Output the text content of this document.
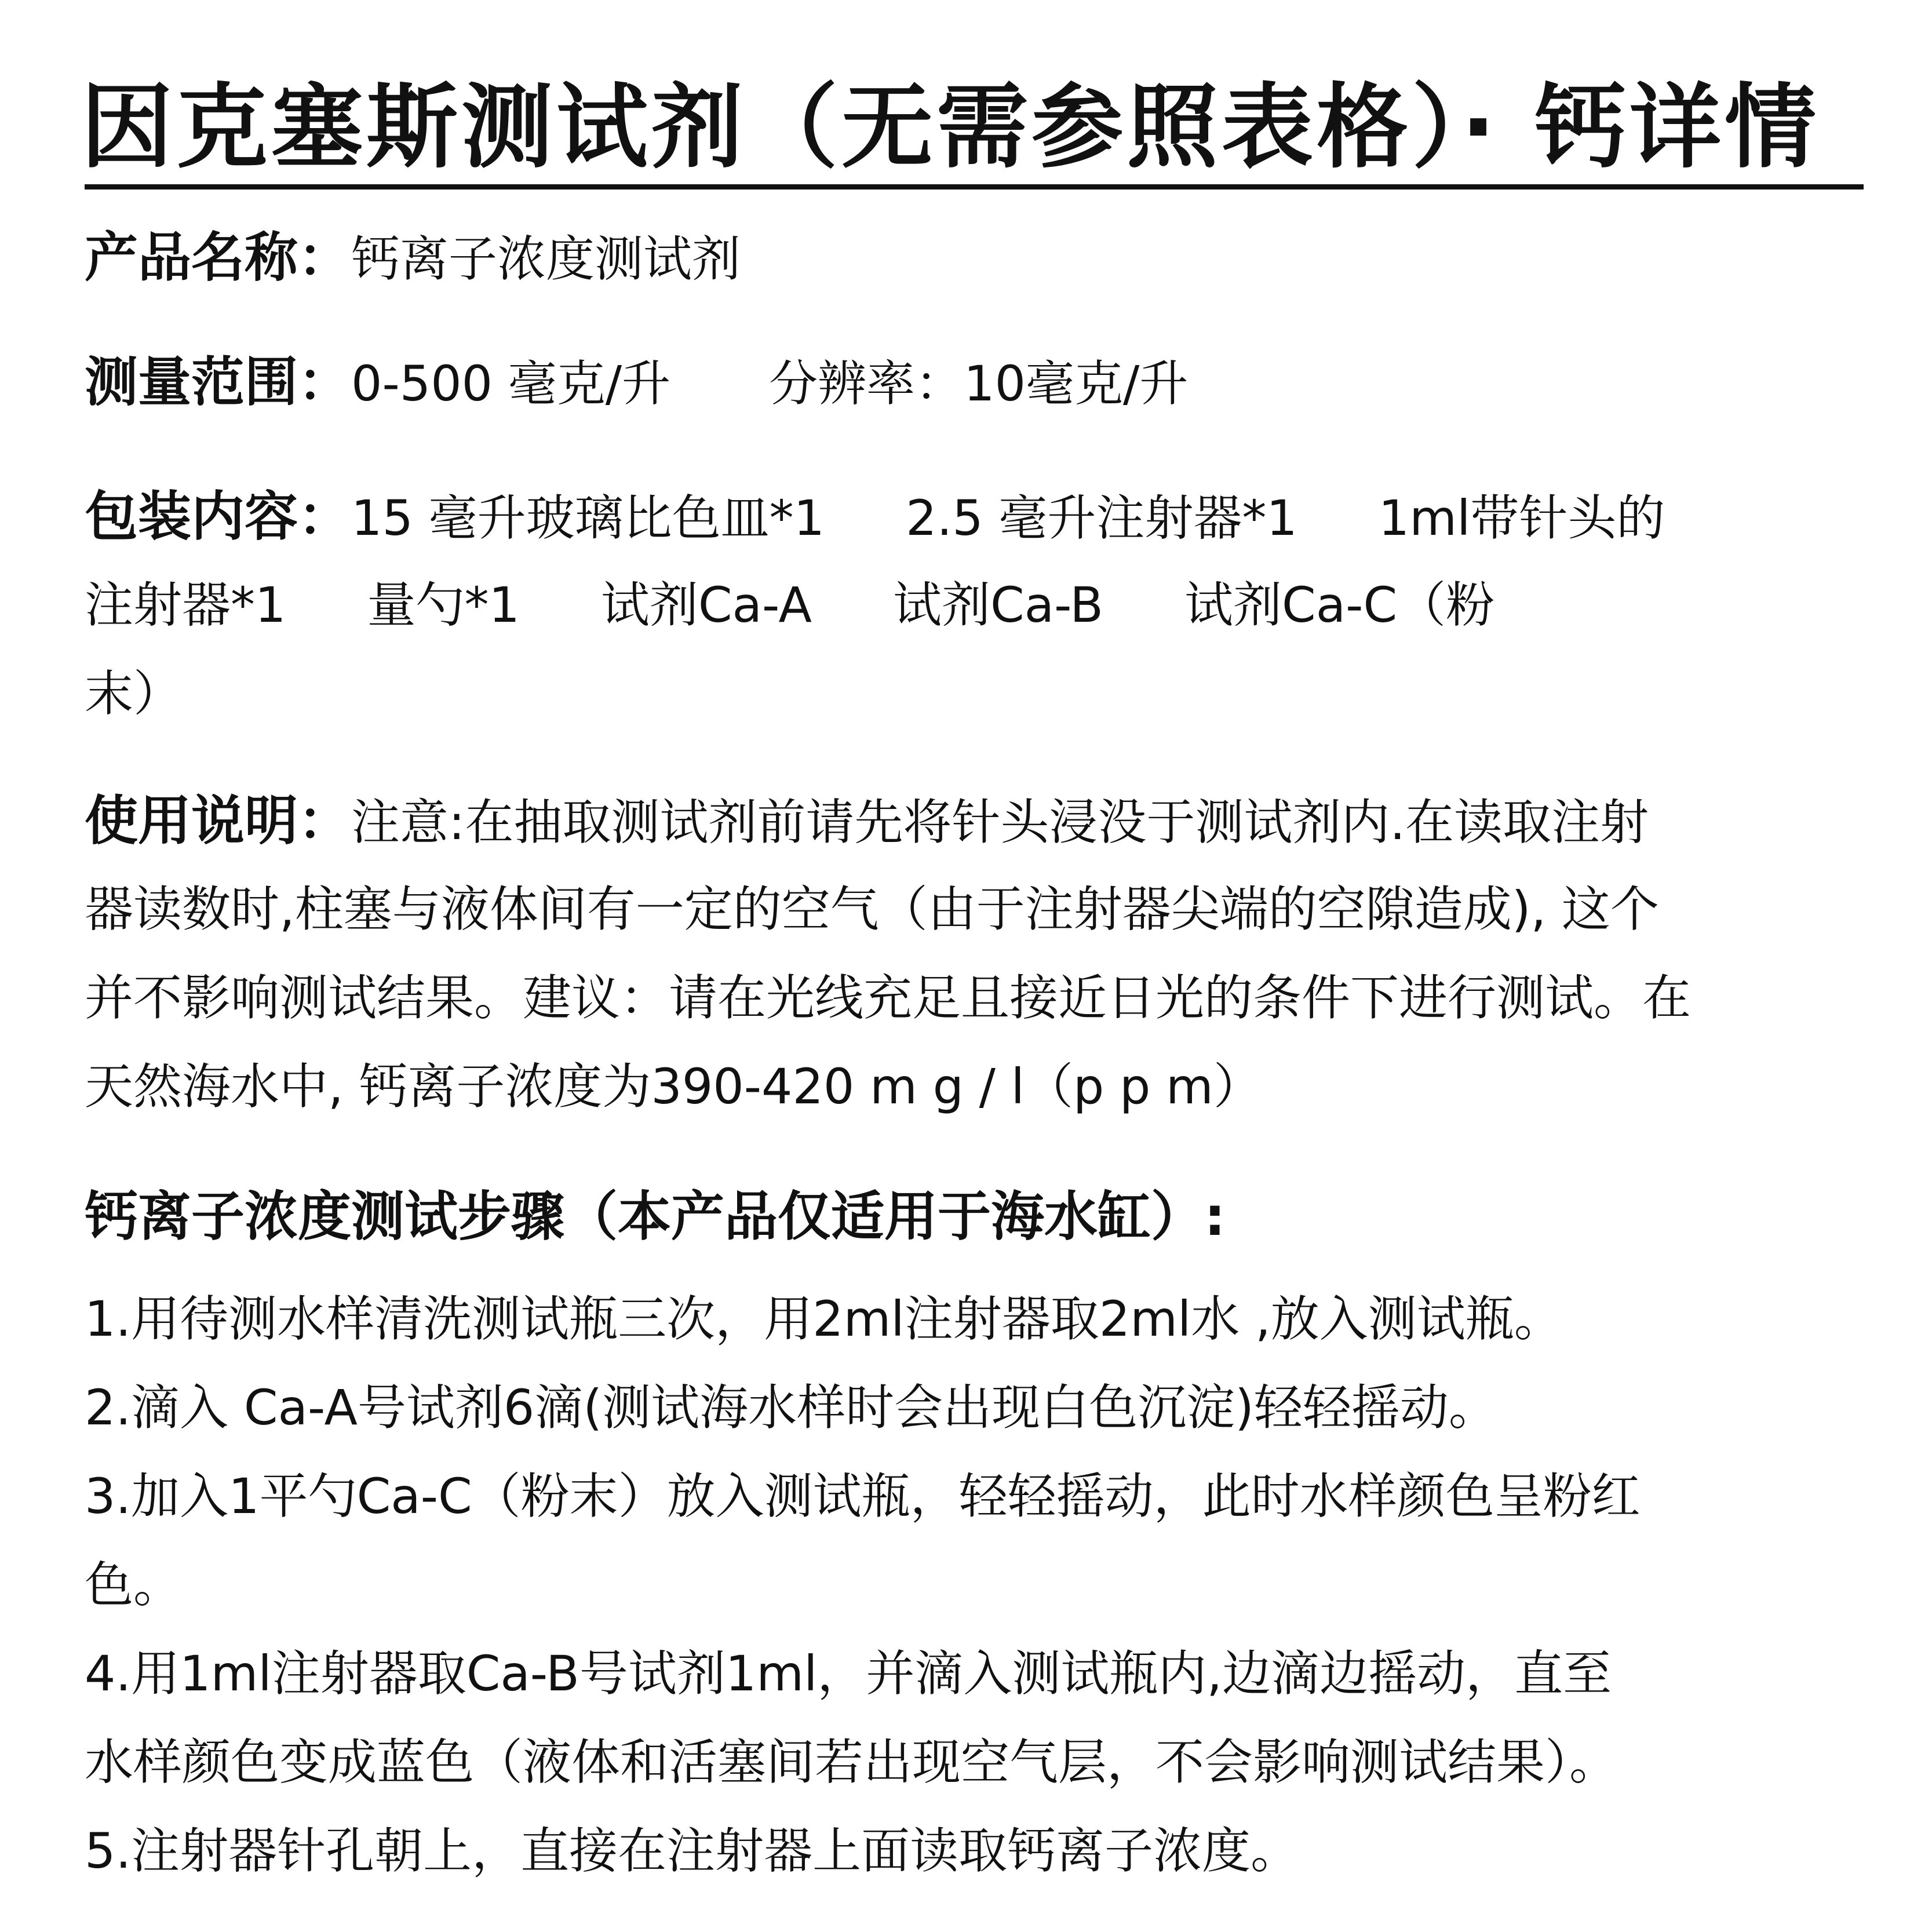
因克塞斯测试剂（无需参照表格）· 钙详情
产品名称：钙离子浓度测试剂
测量范围：0-500 毫克/升 分辨率：10毫克/升
包装内容：15 毫升玻璃比色皿*1 2.5 毫升注射器*1 1ml带针头的
注射器*1 量勺*1 试剂Ca-A 试剂Ca-B 试剂Ca-C（粉
末）
使用说明：注意:在抽取测试剂前请先将针头浸没于测试剂内.在读取注射
器读数时,柱塞与液体间有一定的空气（由于注射器尖端的空隙造成), 这个
并不影响测试结果。建议：请在光线充足且接近日光的条件下进行测试。在
天然海水中, 钙离子浓度为390-420 m g / l（p p m）
钙离子浓度测试步骤（本产品仅适用于海水缸）:
1.用待测水样清洗测试瓶三次，用2ml注射器取2ml水 ,放入测试瓶。
2.滴入 Ca-A号试剂6滴(测试海水样时会出现白色沉淀)轻轻摇动。
3.加入1平勺Ca-C（粉末）放入测试瓶，轻轻摇动，此时水样颜色呈粉红
色。
4.用1ml注射器取Ca-B号试剂1ml，并滴入测试瓶内,边滴边摇动，直至
水样颜色变成蓝色（液体和活塞间若出现空气层，不会影响测试结果）。
5.注射器针孔朝上，直接在注射器上面读取钙离子浓度。
